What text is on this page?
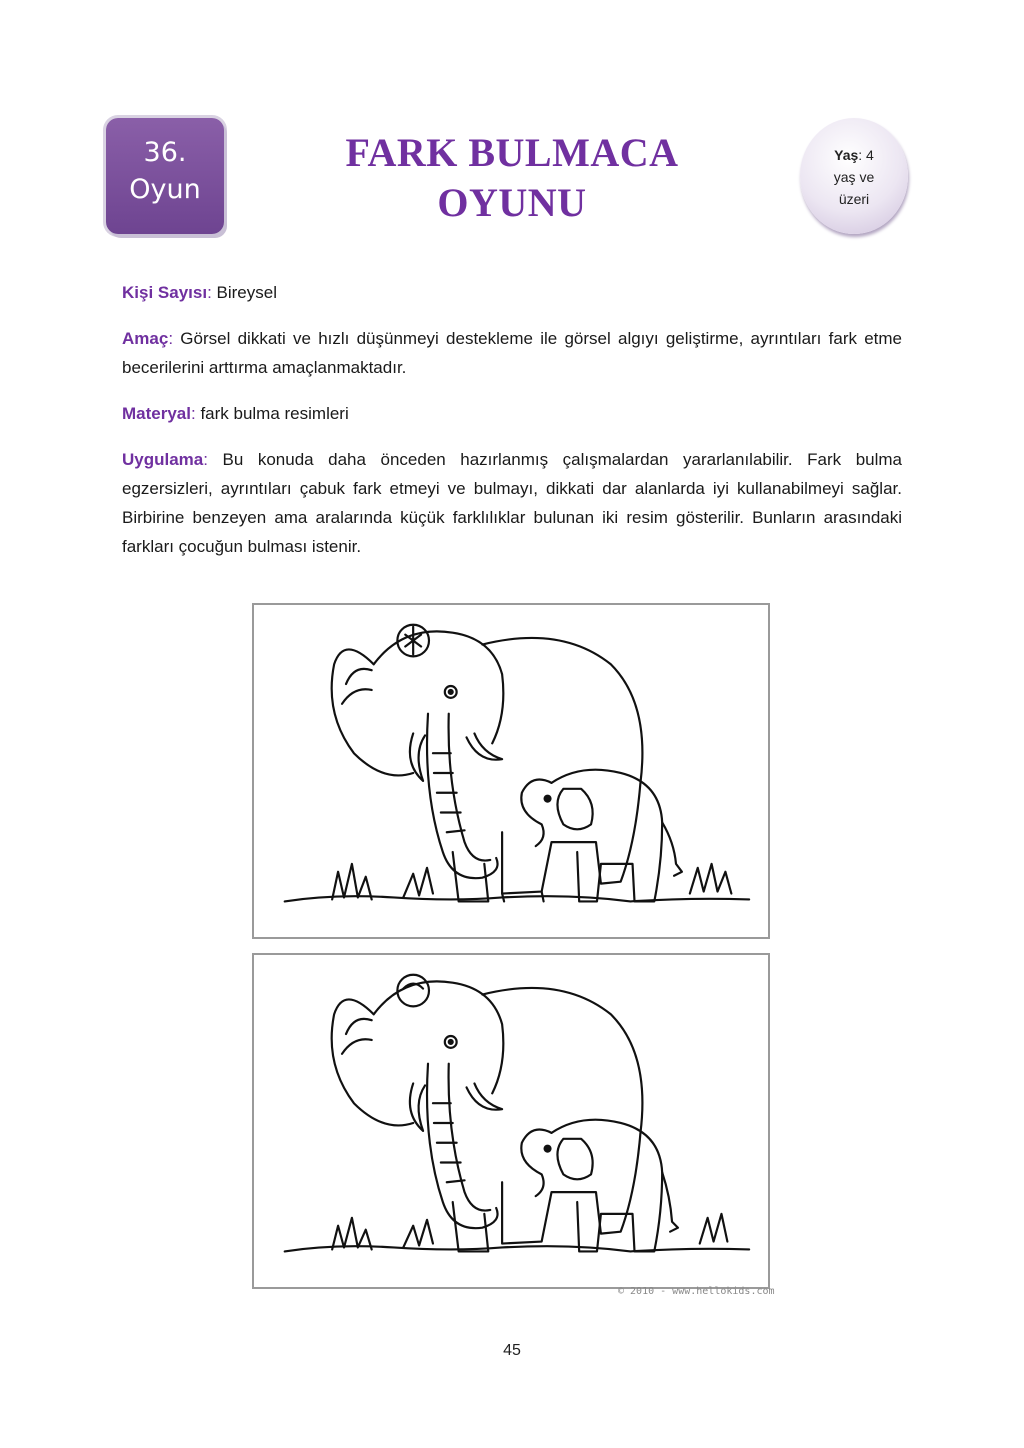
36.
Oyun
FARK BULMACA
OYUNU
Yaş: 4
yaş ve
üzeri
Kişi Sayısı: Bireysel
Amaç: Görsel dikkati ve hızlı düşünmeyi destekleme ile görsel algıyı geliştirme, ayrıntıları fark etme becerilerini arttırma amaçlanmaktadır.
Materyal: fark bulma resimleri
Uygulama: Bu konuda daha önceden hazırlanmış çalışmalardan yararlanılabilir. Fark bulma egzersizleri, ayrıntıları çabuk fark etmeyi ve bulmayı, dikkati dar alanlarda iyi kullanabilmeyi sağlar. Birbirine benzeyen ama aralarında küçük farklılıklar bulunan iki resim gösterilir. Bunların arasındaki farkları çocuğun bulması istenir.
© 2010 - www.hellokids.com
45
